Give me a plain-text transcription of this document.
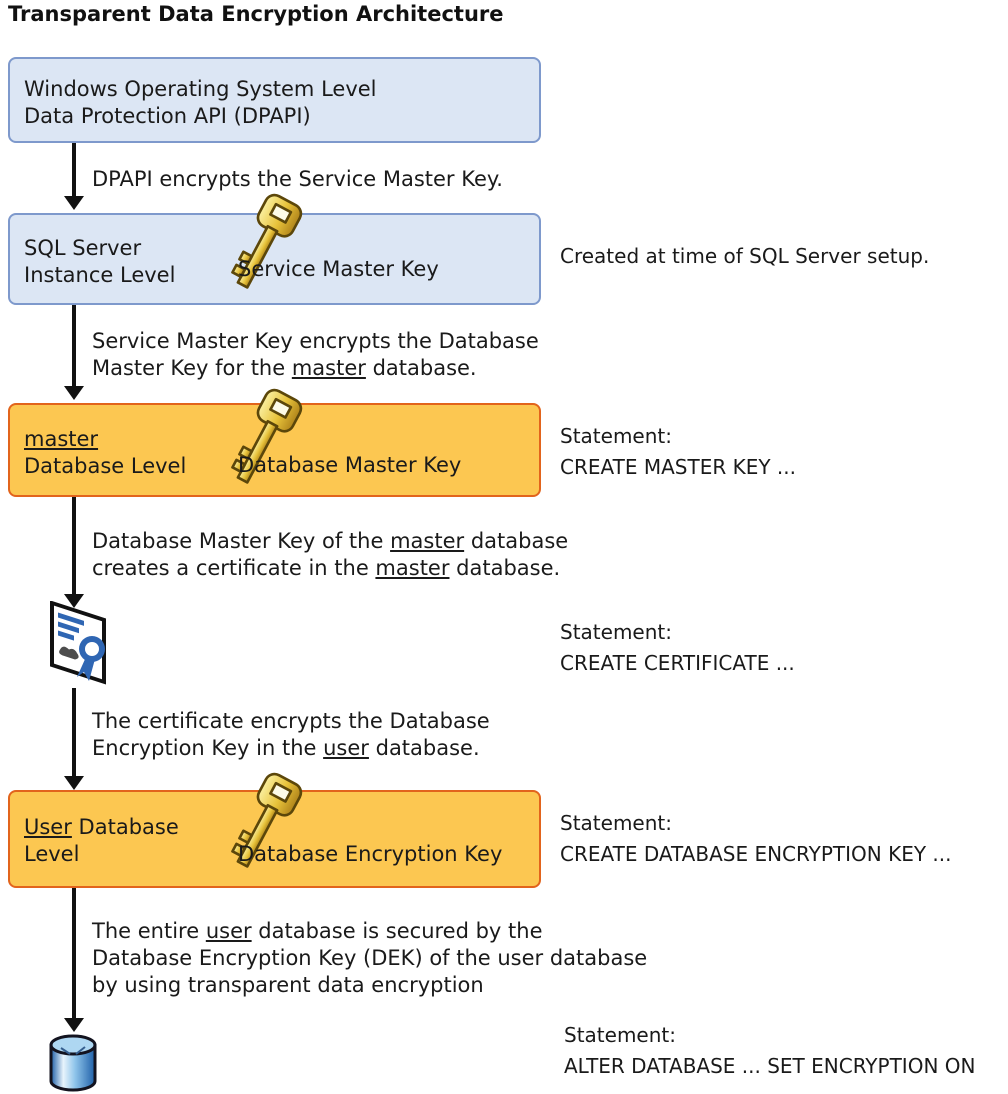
Transparent Data Encryption Architecture
Windows Operating System Level
Data Protection API (DPAPI)
DPAPI encrypts the Service Master Key.
SQL Server
Instance Level	Service Master Key
Created at time of SQL Server setup.
Service Master Key encrypts the Database
Master Key for the master database.
master
Database Level Database Master Key
Statement:
CREATE MASTER KEY ...
Database Master Key of the master database
creates a certificate in the master database.
Statement:
CREATE CERTIFICATE ...
The certificate encrypts the Database
Encryption Key in the user database.
User Database
Level	Database Encryption Key
Statement:
CREATE DATABASE ENCRYPTION KEY ...
The entire user database is secured by the
Database Encryption Key (DEK) of the user database
by using transparent data encryption
Statement:
ALTER DATABASE ... SET ENCRYPTION ON
